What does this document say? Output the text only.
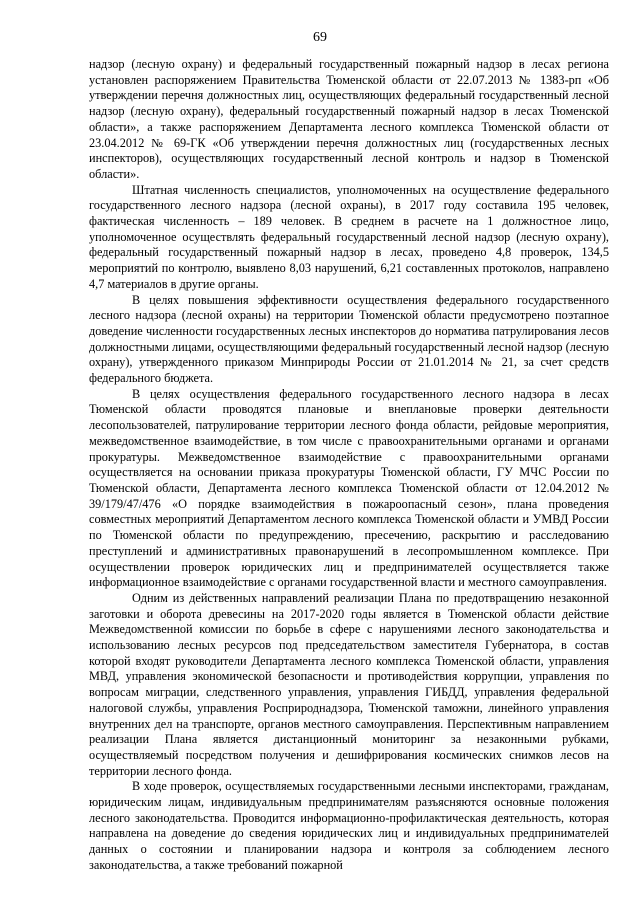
69

надзор (лесную охрану) и федеральный государственный пожарный надзор в лесах региона установлен распоряжением Правительства Тюменской области от 22.07.2013 № 1383-рп «Об утверждении перечня должностных лиц, осуществляющих федеральный государственный лесной надзор (лесную охрану), федеральный государственный пожарный надзор в лесах Тюменской области», а также распоряжением Департамента лесного комплекса Тюменской области от 23.04.2012 № 69-ГК «Об утверждении перечня должностных лиц (государственных лесных инспекторов), осуществляющих государственный лесной контроль и надзор в Тюменской области».

Штатная численность специалистов, уполномоченных на осуществление федерального государственного лесного надзора (лесной охраны), в 2017 году составила 195 человек, фактическая численность – 189 человек. В среднем в расчете на 1 должностное лицо, уполномоченное осуществлять федеральный государственный лесной надзор (лесную охрану), федеральный государственный пожарный надзор в лесах, проведено 4,8 проверок, 134,5 мероприятий по контролю, выявлено 8,03 нарушений, 6,21 составленных протоколов, направлено 4,7 материалов в другие органы.

В целях повышения эффективности осуществления федерального государственного лесного надзора (лесной охраны) на территории Тюменской области предусмотрено поэтапное доведение численности государственных лесных инспекторов до норматива патрулирования лесов должностными лицами, осуществляющими федеральный государственный лесной надзор (лесную охрану), утвержденного приказом Минприроды России от 21.01.2014 № 21, за счет средств федерального бюджета.

В целях осуществления федерального государственного лесного надзора в лесах Тюменской области проводятся плановые и внеплановые проверки деятельности лесопользователей, патрулирование территории лесного фонда области, рейдовые мероприятия, межведомственное взаимодействие, в том числе с правоохранительными органами и органами прокуратуры. Межведомственное взаимодействие с правоохранительными органами осуществляется на основании приказа прокуратуры Тюменской области, ГУ МЧС России по Тюменской области, Департамента лесного комплекса Тюменской области от 12.04.2012 № 39/179/47/476 «О порядке взаимодействия в пожароопасный сезон», плана проведения совместных мероприятий Департаментом лесного комплекса Тюменской области и УМВД России по Тюменской области по предупреждению, пресечению, раскрытию и расследованию преступлений и административных правонарушений в лесопромышленном комплексе. При осуществлении проверок юридических лиц и предпринимателей осуществляется также информационное взаимодействие с органами государственной власти и местного самоуправления.

Одним из действенных направлений реализации Плана по предотвращению незаконной заготовки и оборота древесины на 2017-2020 годы является в Тюменской области действие Межведомственной комиссии по борьбе в сфере с нарушениями лесного законодательства и использованию лесных ресурсов под председательством заместителя Губернатора, в состав которой входят руководители Департамента лесного комплекса Тюменской области, управления МВД, управления экономической безопасности и противодействия коррупции, управления по вопросам миграции, следственного управления, управления ГИБДД, управления федеральной налоговой службы, управления Росприроднадзора, Тюменской таможни, линейного управления внутренних дел на транспорте, органов местного самоуправления. Перспективным направлением реализации Плана является дистанционный мониторинг за незаконными рубками, осуществляемый посредством получения и дешифрирования космических снимков лесов на территории лесного фонда.

В ходе проверок, осуществляемых государственными лесными инспекторами, гражданам, юридическим лицам, индивидуальным предпринимателям разъясняются основные положения лесного законодательства. Проводится информационно-профилактическая деятельность, которая направлена на доведение до сведения юридических лиц и индивидуальных предпринимателей данных о состоянии и планировании надзора и контроля за соблюдением лесного законодательства, а также требований пожарной
